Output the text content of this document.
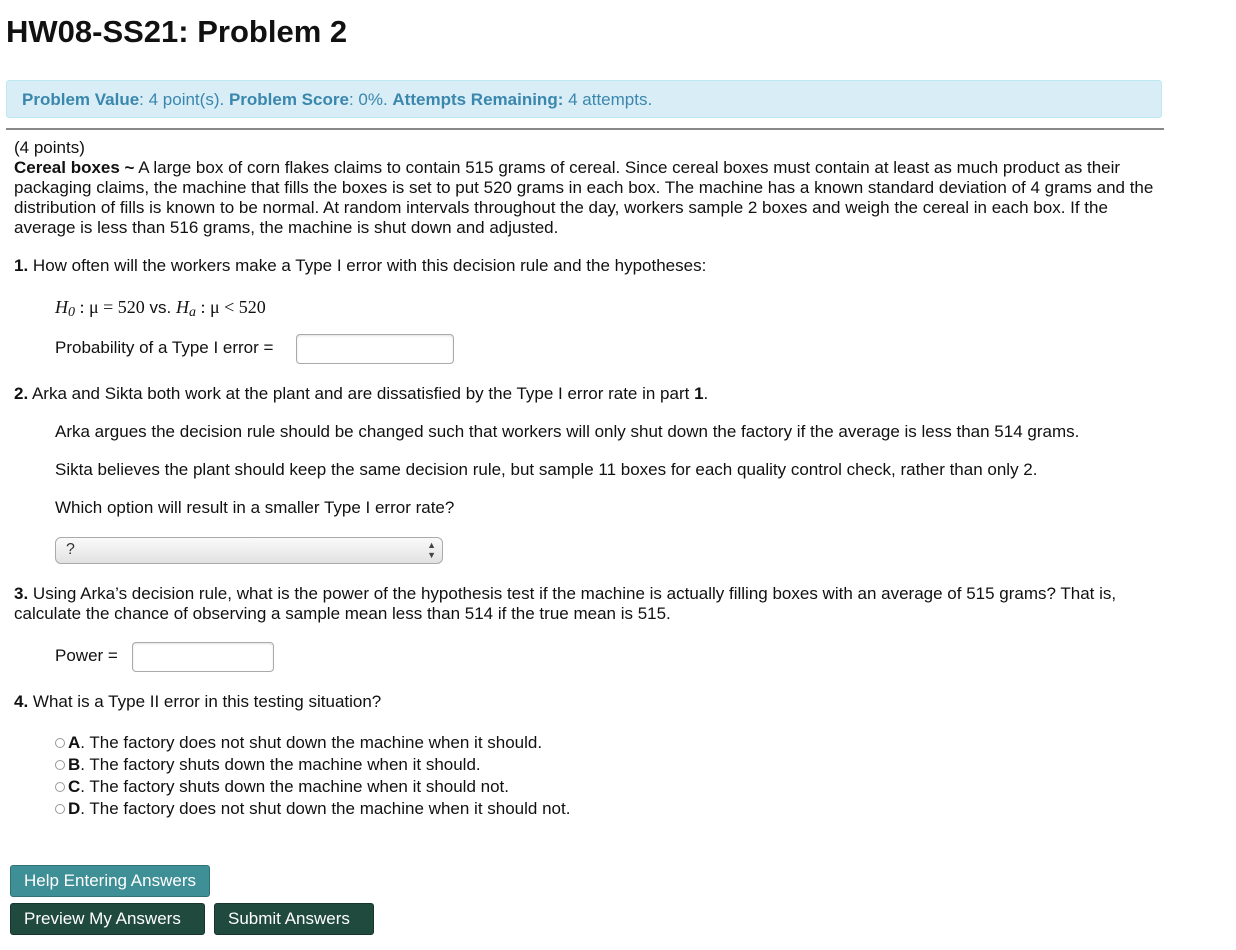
HW08-SS21: Problem 2
Problem Value: 4 point(s). Problem Score: 0%. Attempts Remaining: 4 attempts.
(4 points)
Cereal boxes ~ A large box of corn flakes claims to contain 515 grams of cereal. Since cereal boxes must contain at least as much product as their packaging claims, the machine that fills the boxes is set to put 520 grams in each box. The machine has a known standard deviation of 4 grams and the distribution of fills is known to be normal. At random intervals throughout the day, workers sample 2 boxes and weigh the cereal in each box. If the average is less than 516 grams, the machine is shut down and adjusted.
1. How often will the workers make a Type I error with this decision rule and the hypotheses:
$H_0$ : μ = 520 vs. $H_a$ : μ < 520
Probability of a Type I error =
2. Arka and Sikta both work at the plant and are dissatisfied by the Type I error rate in part 1.
Arka argues the decision rule should be changed such that workers will only shut down the factory if the average is less than 514 grams.
Sikta believes the plant should keep the same decision rule, but sample 11 boxes for each quality control check, rather than only 2.
Which option will result in a smaller Type I error rate?
?	▲
▼
3. Using Arka’s decision rule, what is the power of the hypothesis test if the machine is actually filling boxes with an average of 515 grams? That is, calculate the chance of observing a sample mean less than 514 if the true mean is 515.
Power =
4. What is a Type II error in this testing situation?
A . The factory does not shut down the machine when it should.
B . The factory shuts down the machine when it should.
C . The factory shuts down the machine when it should not.
D . The factory does not shut down the machine when it should not.
Help Entering Answers
Preview My Answers	Submit Answers
